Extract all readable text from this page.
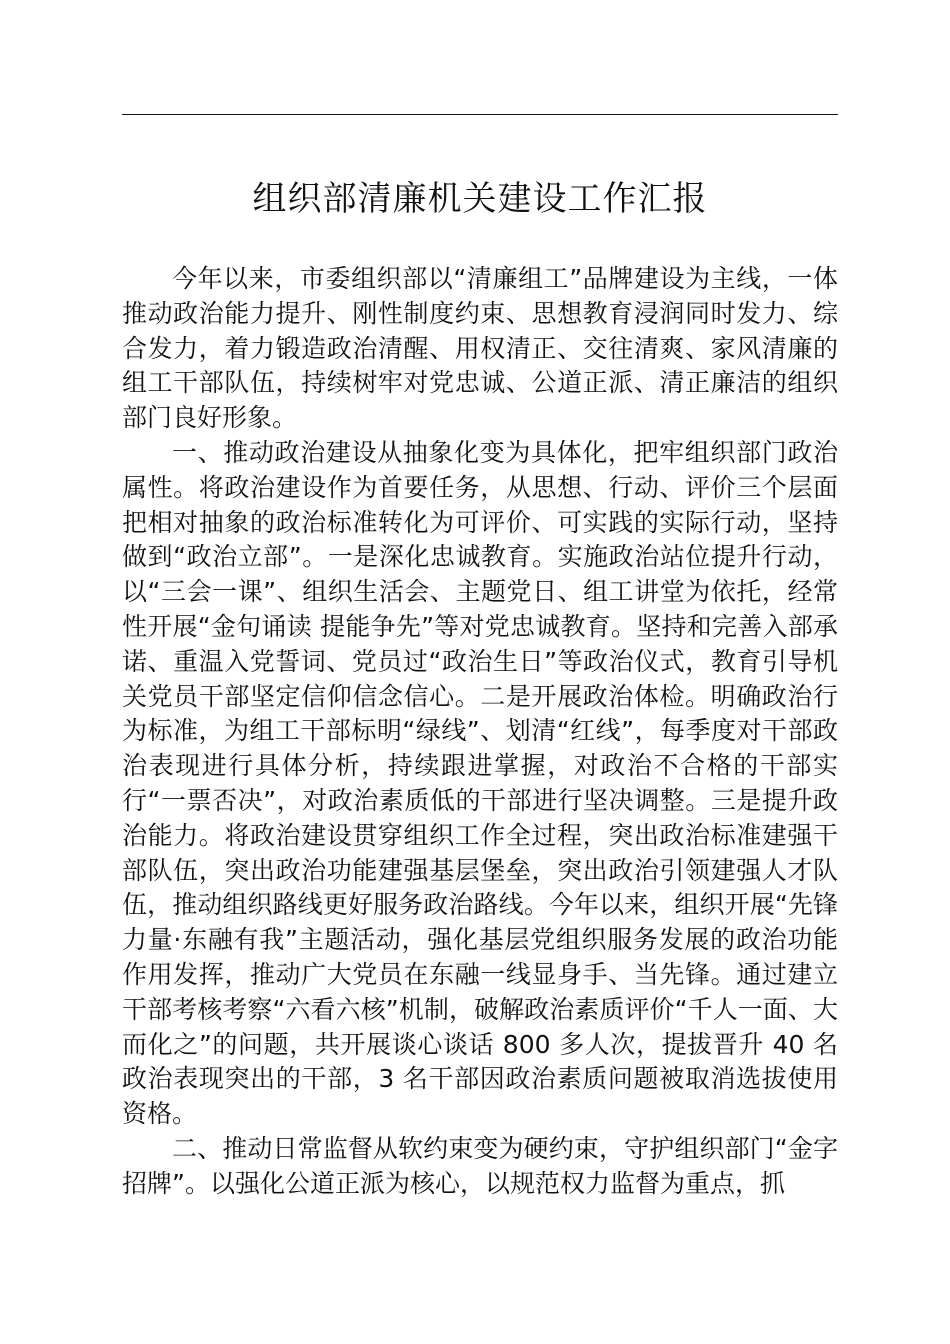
组织部清廉机关建设工作汇报

今年以来，市委组织部以“清廉组工”品牌建设为主线，一体推动政治能力提升、刚性制度约束、思想教育浸润同时发力、综合发力，着力锻造政治清醒、用权清正、交往清爽、家风清廉的组工干部队伍，持续树牢对党忠诚、公道正派、清正廉洁的组织部门良好形象。

一、推动政治建设从抽象化变为具体化，把牢组织部门政治属性。将政治建设作为首要任务，从思想、行动、评价三个层面把相对抽象的政治标准转化为可评价、可实践的实际行动，坚持做到“政治立部”。一是深化忠诚教育。实施政治站位提升行动，以“三会一课”、组织生活会、主题党日、组工讲堂为依托，经常性开展“金句诵读 提能争先”等对党忠诚教育。坚持和完善入部承诺、重温入党誓词、党员过“政治生日”等政治仪式，教育引导机关党员干部坚定信仰信念信心。二是开展政治体检。明确政治行为标准，为组工干部标明“绿线”、划清“红线”，每季度对干部政治表现进行具体分析，持续跟进掌握，对政治不合格的干部实行“一票否决”，对政治素质低的干部进行坚决调整。三是提升政治能力。将政治建设贯穿组织工作全过程，突出政治标准建强干部队伍，突出政治功能建强基层堡垒，突出政治引领建强人才队伍，推动组织路线更好服务政治路线。今年以来，组织开展“先锋力量·东融有我”主题活动，强化基层党组织服务发展的政治功能作用发挥，推动广大党员在东融一线显身手、当先锋。通过建立干部考核考察“六看六核”机制，破解政治素质评价“千人一面、大而化之”的问题，共开展谈心谈话 800 多人次，提拔晋升 40 名政治表现突出的干部，3 名干部因政治素质问题被取消选拔使用资格。

二、推动日常监督从软约束变为硬约束，守护组织部门“金字招牌”。以强化公道正派为核心，以规范权力监督为重点，抓
